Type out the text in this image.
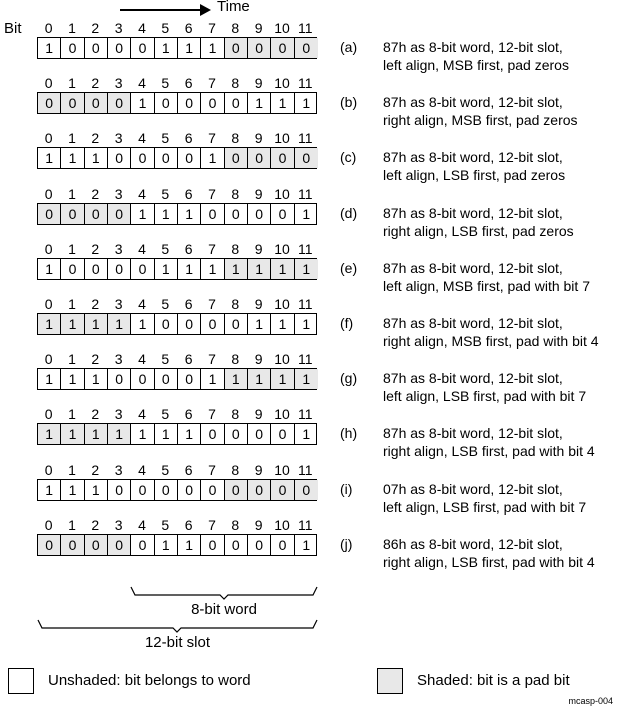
Time
Bit	0	1	2	3	4	5	6	7	8	9 10 11
1	0	0	0	0	1	1	1	0	0	0	0
0	1	2	3	4	5	6	7	8	9 10 11
0	0	0	0	1	0	0	0	0	1	1	1
0	1	2	3	4	5	6	7	8	9 10 11
1	1	1	0	0	0	0	1	0	0	0	0
0	1	2	3	4	5	6	7	8	9 10 11
0	0	0	0	1	1	1	0	0	0	0	1
0	1	2	3	4	5	6	7	8	9 10 11
1	0	0	0	0	1	1	1	1	1	1	1
0	1	2	3	4	5	6	7	8	9 10 11
1	1	1	1	1	0	0	0	0	1	1	1
0	1	2	3	4	5	6	7	8	9 10 11
1	1	1	0	0	0	0	1	1	1	1	1
0	1	2	3	4	5	6	7	8	9 10 11
1	1	1	1	1	1	1	0	0	0	0	1
0	1	2	3	4	5	6	7	8	9 10 11
1	1	1	0	0	0	0	0	0	0	0	0
0	1	2	3	4	5	6	7	8	9 10 11
0	0	0	0	0	1	1	0	0	0	0	1
8-bit word
12-bit slot
(a) 87h as 8-bit word, 12-bit slot,
left align, MSB first, pad zeros
(b) 87h as 8-bit word, 12-bit slot,
right align, MSB first, pad zeros
(c) 87h as 8-bit word, 12-bit slot,
left align, LSB first, pad zeros
(d) 87h as 8-bit word, 12-bit slot,
right align, LSB first, pad zeros
(e) 87h as 8-bit word, 12-bit slot,
left align, MSB first, pad with bit 7
(f) 87h as 8-bit word, 12-bit slot,
right align, MSB first, pad with bit 4
(g) 87h as 8-bit word, 12-bit slot,
left align, LSB first, pad with bit 7
(h) 87h as 8-bit word, 12-bit slot,
right align, LSB first, pad with bit 4
(i) 07h as 8-bit word, 12-bit slot,
left align, LSB first, pad with bit 7
(j) 86h as 8-bit word, 12-bit slot,
right align, LSB first, pad with bit 4
Unshaded: bit belongs to word	Shaded: bit is a pad bit
mcasp-004
